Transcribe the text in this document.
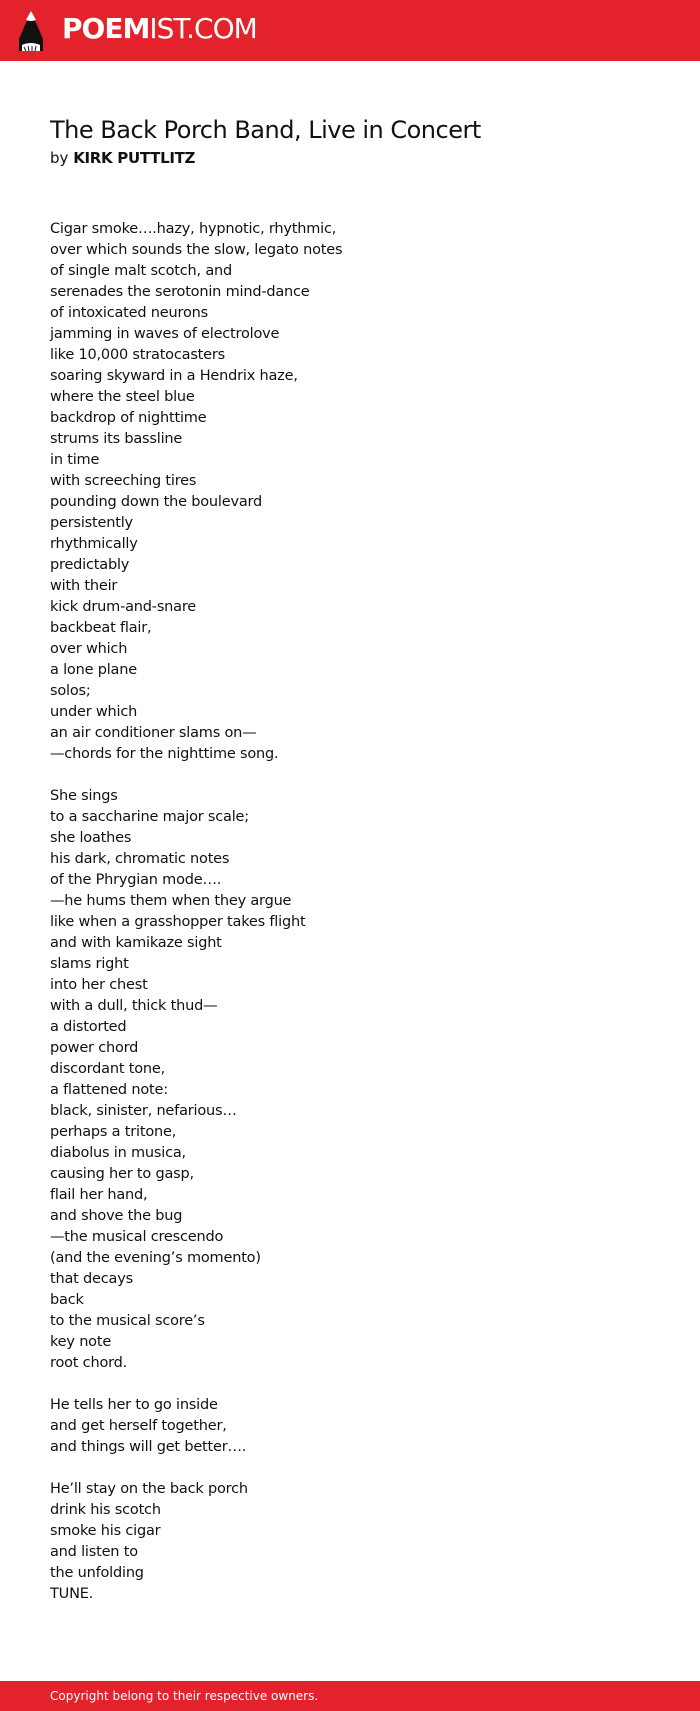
POEMIST.COM
The Back Porch Band, Live in Concert
by KIRK PUTTLITZ
Cigar smoke….hazy, hypnotic, rhythmic,
over which sounds the slow, legato notes
of single malt scotch, and
serenades the serotonin mind-dance
of intoxicated neurons
jamming in waves of electrolove
like 10,000 stratocasters
soaring skyward in a Hendrix haze,
where the steel blue
backdrop of nighttime
strums its bassline
in time
with screeching tires
pounding down the boulevard
persistently
rhythmically
predictably
with their
kick drum-and-snare
backbeat flair,
over which
a lone plane
solos;
under which
an air conditioner slams on—
—chords for the nighttime song.
She sings
to a saccharine major scale;
she loathes
his dark, chromatic notes
of the Phrygian mode….
—he hums them when they argue
like when a grasshopper takes flight
and with kamikaze sight
slams right
into her chest
with a dull, thick thud—
a distorted
power chord
discordant tone,
a flattened note:
black, sinister, nefarious…
perhaps a tritone,
diabolus in musica,
causing her to gasp,
flail her hand,
and shove the bug
—the musical crescendo
(and the evening’s momento)
that decays
back
to the musical score’s
key note
root chord.
He tells her to go inside
and get herself together,
and things will get better….
He’ll stay on the back porch
drink his scotch
smoke his cigar
and listen to
the unfolding
TUNE.
Copyright belong to their respective owners.
